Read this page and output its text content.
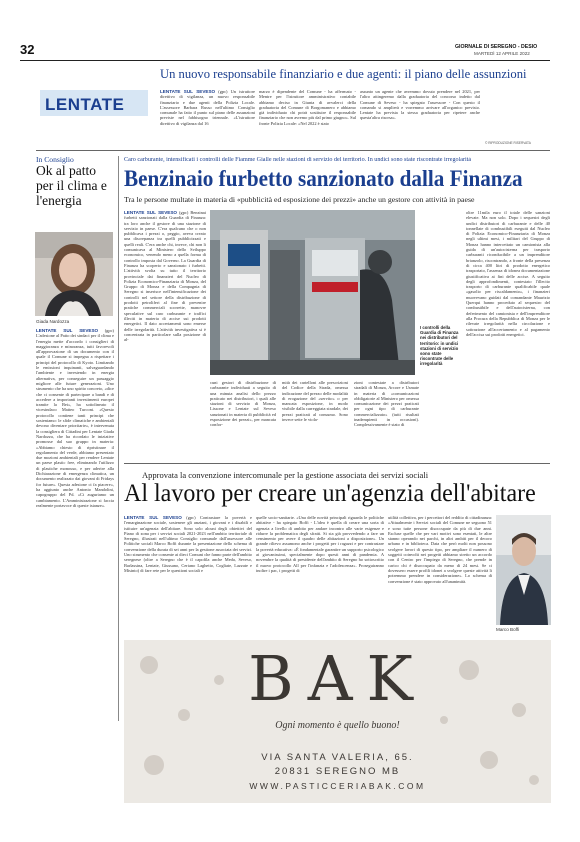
32	GIORNALE DI SEREGNO - DESIO
MARTEDÌ 12 APRILE 2022
LENTATE
Un nuovo responsabile finanziario e due agenti: il piano delle assunzioni
LENTATE SUL SEVESO (gpc) Un istruttore direttivo di vigilanza, un nuovo responsabile finanziario e due agenti della Polizia Locale. L'assessore Barbara Russo nell'ultimo Consiglio comunale ha fatto il punto sul piano delle assunzioni previste nel fabbisogno triennale. «L'istruttore direttivo di vigilanza dal 16
marzo è dipendente del Comune - ha affermato - Mentre per l'istruttore amministrativo contabile abbiamo deciso in Giunta di avvalerci della graduatoria del Comune di Borgomanero e abbiamo già individuato chi potrà sostituire il responsabile finanziario che non avremo più dal primo giugno». Sul fronte Polizia Locale: «Nel 2022 è stato
assunto un agente che avremmo dovuto prendere nel 2021, per l'altro attingeremo dalla graduatoria del concorso indetto dal Comune di Seveso - ha spiegato l'assessore - Con questo il comando si amplierà e vorremmo arrivare all'organico previsto. Lentate ha prevista la stessa graduatoria per ripetere anche questa'altra risorsa».
© RIPRODUZIONE RISERVATA
In Consiglio
Ok al patto per il clima e l'energia
Giada Nardozza
LENTATE SUL SEVESO (gpc) L'adesione al Patto dei sindaci per il clima e l'energia mette d'accordo i consiglieri di maggioranza e minoranza, tutti favorevoli all'approvazione di un documento con il quale il Comune si impegna a rispettare i principi del protocollo di Kyoto. Limitando le emissioni inquinanti, salvaguardando l'ambiente e investendo in energia alternativa, per conseguire un passaggio migliore alle future generazioni. Uno strumento che ha uno spirito concreto, «dice che ci consente di partecipare a bandi e di accedere a importanti investimenti europei tramite la Bei», ha sottolineato il vicesindaco Matteo Turconi. «Questo protocollo contiene tanti principi che sosteniamo: le sfide climatiche e ambientali devono diventare prioritarie», è intervenuta la consigliera di Cittadini per Lentate Giada Nardozza, che ha ricordato le iniziative promosse dal suo gruppo in materia: «Abbiamo chiesto di ripristinare il regolamento del verde, abbiamo presentato due mozioni ambientali per rendere Lentate un paese plastic free, eliminando l'utilizzo di plastiche monouso, e per aderire alla Dichiarazione di emergenza climatica, un documento realizzato dai giovani di Fridays for future». Questa adesione ci fa piacere», ha aggiunto anche Antonio Mandolini, capogruppo del Pd. «Ci auguriamo un cambiamento. L'Amministrazione si faccia realmente portavoce di queste istanze».
Caro carburante, intensificati i controlli delle Fiamme Gialle nelle stazioni di servizio del territorio. In undici sono state riscontrate irregolarità
Benzinaio furbetto sanzionato dalla Finanza
Tra le persone multate in materia di «pubblicità ed esposizione dei prezzi» anche un gestore con attività in paese
LENTATE SUL SEVESO (gpc) Benzinai furbetti sanzionati dalla Guardia di Finanza: tra loro anche il gestore di una stazione di servizio in paese. C'era qualcuno che o non pubblicava i prezzi o, peggio, aveva creato una discrepanza tra quelli pubblicizzati e quelli reali. C'era anche chi, invece, chi non li comunicava al Ministero dello Sviluppo economico, venendo meno a quella forma di controllo imposta dal Governo. La Guardia di Finanza ha scoperto e sanzionato i furbetti. L'attività svolta su tutto il territorio provinciale dai finanzieri del Nucleo di Polizia Economico-Finanziaria di Monza, del Gruppo di Monza e della Compagnia di Seregno si inserisce nell'intensificazione dei controlli nel settore della distribuzione di prodotti petroliferi al fine di prevenire pratiche commerciali scorrette, manovre speculative sul caro carburante e traffici illeciti in materia di accise sui prodotti energetici. Il dato accertamenti sono emerse delle irregolarità. L'attività investigativa si è concentrata in particolare sulla posizione di al-
cuni gestori di distribuzione di carburante individuati a seguito di una minuta analisi dello prezzo praticato nei distributori, i quali alle stazioni di servizio di Monza, Lissone e Lentate sul Seveso sanzionati in materia di pubblicità ed esposizione dei prezzi», per mancata confor-
mità dei cartelloni alle prescrizioni del Codice della Strada, omessa indicazione del prezzo delle modalità di erogazione del «servito» o per mancata esposizione, in modo visibile dalla carreggiata stradale, dei prezzi praticati al consumo. Sono invece sette le viola-
zioni contestate a distributori stradali di Monza, Arcore e Usmate in materia di «comunicazioni obbligatorie al Ministero per omessa comunicazione dei prezzi praticati per ogni tipo di carburante commercializzato» (tutti risultati inadempienti in occasioni). Complessivamente è stato di
I controlli della Guardia di Finanza nei distributori del territorio: in undici stazioni di servizio sono state riscontrate delle irregolarità
oltre 11mila euro il totale delle sanzioni elevate. Ma non solo. Dopo i sequestri degli undici distributori di carburante e delle 40 tonnellate di combustibili eseguiti dal Nucleo di Polizia Economico-Finanziaria di Monza negli ultimi mesi, i militari del Gruppo di Monza hanno intercettato un camionista alla guida di un'autocisterna per trasporto carburanti riconducibile a un imprenditore brianzolo, riscontrando, a fronte della presenza di circa 400 litri di prodotto energetico trasportato, l'assenza di idonea documentazione giustificativa ai fini delle accise. A seguito degli approfondimenti, contestato l'illecito trasporto di carburante qualificabile quale «gasolio per riscaldamento», i finanzieri muovevano guidati dal comandante Maurizio Querqui hanno proceduto al sequestro del combustibile e dell'autocisterna, con deferimento del camionista e dell'imprenditore alla Procura della Repubblica di Monza per le rilevate irregolarità nella circolazione e sottrazione all'accertamento e al pagamento dell'accisa sui prodotti energetici.
Approvata la convenzione intercomunale per la gestione associata dei servizi sociali
Al lavoro per creare un'agenzia dell'abitare
LENTATE SUL SEVESO (gpc) Contrastare la povertà e l'emarginazione sociale, sostenere gli anziani, i giovani e i disabili e istituire un'agenzia dell'abitare. Sono solo alcuni degli obiettivi del Piano di zona per i servizi sociali 2021-2023 nell'ambito territoriale di Seregno, illustrati nell'ultimo Consiglio comunale dall'assessore alle Politiche sociali Marco Boffi durante la presentazione dello schema di convenzione della durata di sei anni per la gestione associata dei servizi. Uno strumento che consente ai dieci Comuni che fanno parte dell'ambito seregnese (oltre a Seregno che è il capofila anche Meda, Seveso, Barlassina, Lentate, Giussano, Ceriano Laghetto, Cogliate, Lazzate e Misinto) di fare rete per le questioni sociali e
quelle socio-sanitarie. «Una delle novità principali riguarda le politiche abitative - ha spiegato Boffi - L'idea è quella di creare una sorta di agenzia a livello di ambito per andare incontro alle varie esigenze e ridurre la problematica degli sfratti. Si sta già provvedendo a fare un censimento per avere il quadro delle abitazioni a disposizione». Un grande rilievo assumono anche i progetti per i ragazzi e per contrastare la povertà educativa: «È fondamentale garantire un supporto psicologico ai giovanissimi, specialmente dopo questi anni di pandemia. A novembre la qualità di presidente dell'ambito di Seregno ho sottoscritto il nuovo protocollo All per l'infanzia e l'adolescenza». Proseguiranno inoltre i pac, i progetti di
utilità collettiva, per i percettori del reddito di cittadinanza: «Attualmente i Servizi sociali del Comune ne seguono 51 e sono tutte persone disoccupate da più di due anni. Escluse quelle che per vari motivi sono esentati, le altre stanno operando nei parchi, in altri ambiti per il decoro urbano e in biblioteca. Data che però molti non possono svolgere lavori di questo tipo, per ampliare il numero di soggetti coinvolti nei progetti abbiamo stretto un accordo con il Centro per l'impiego di Seregno, che prende in carico chi è disoccupato da meno di 24 mesi. Se ci dovessero essere profili idonei a svolgere queste attività li potremmo prendere in considerazione». Lo schema di convenzione è stato approvato all'unanimità.
Marco Boffi
BAK
Ogni momento è quello buono!
VIA SANTA VALERIA, 65.
20831 SEREGNO MB
WWW.PASTICCERIABAK.COM
